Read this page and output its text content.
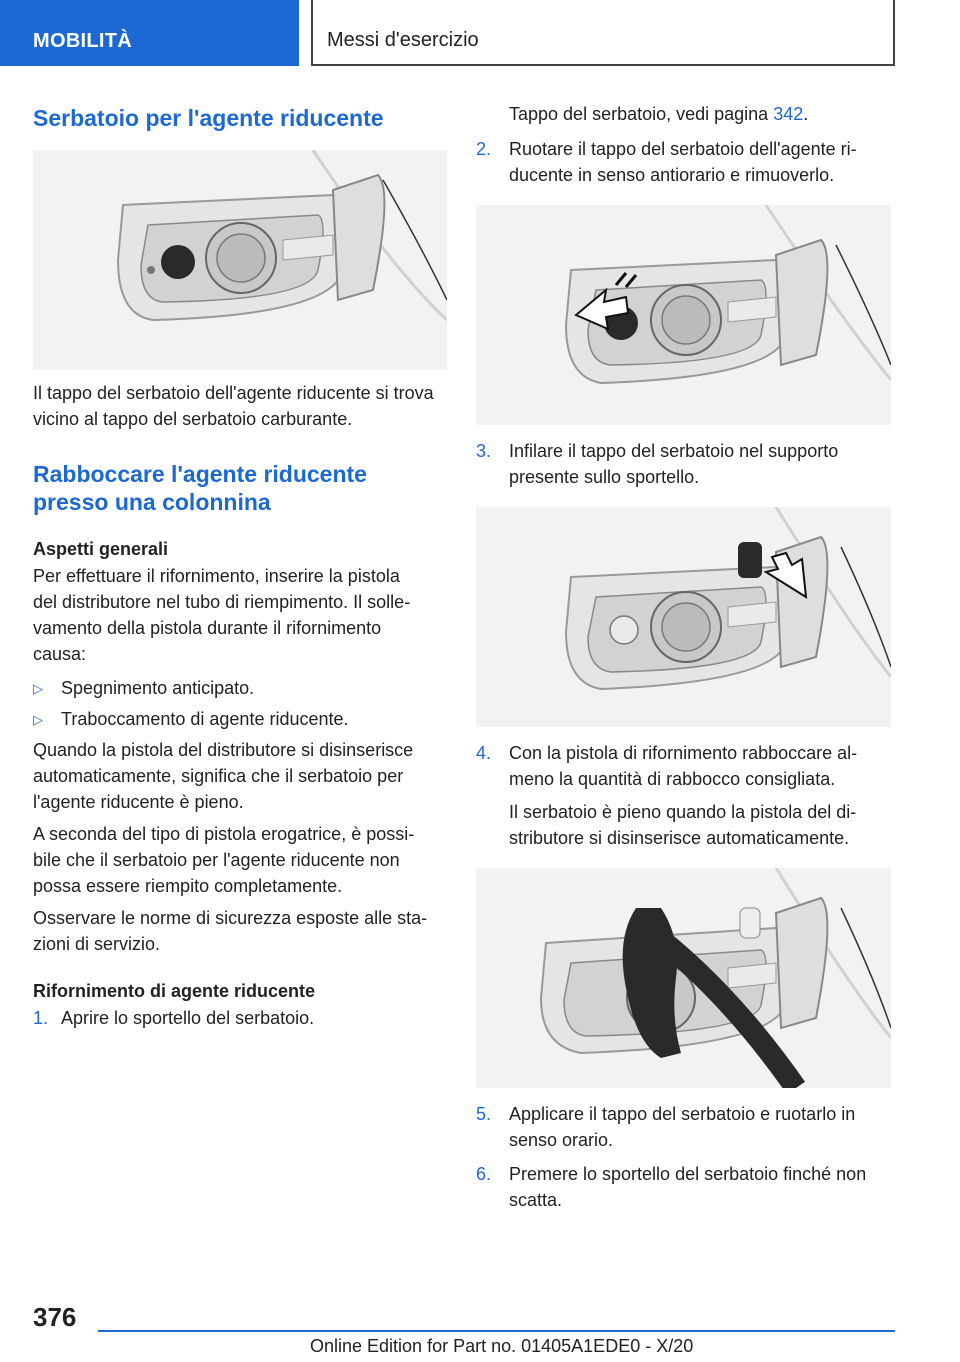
MOBILITÀ	Messi d'esercizio
Serbatoio per l'agente riducente

Il tappo del serbatoio dell'agente riducente si trova vicino al tappo del serbatoio carburante.

Rabboccare l'agente riducente
presso una colonnina
Aspetti generali

Per effettuare il rifornimento, inserire la pistola
del distributore nel tubo di riempimento. Il solle-
vamento della pistola durante il rifornimento
causa:

▷	Spegnimento anticipato.
▷	Traboccamento di agente riducente.

Quando la pistola del distributore si disinserisce
automaticamente, significa che il serbatoio per
l'agente riducente è pieno.

A seconda del tipo di pistola erogatrice, è possi-
bile che il serbatoio per l'agente riducente non
possa essere riempito completamente.

Osservare le norme di sicurezza esposte alle sta-
zioni di servizio.

Rifornimento di agente riducente
1. Aprire lo sportello del serbatoio.

Tappo del serbatoio, vedi pagina 342.

2. Ruotare il tappo del serbatoio dell'agente ri-
ducente in senso antiorario e rimuoverlo.
3. Infilare il tappo del serbatoio nel supporto
presente sullo sportello.
4. Con la pistola di rifornimento rabboccare al-
meno la quantità di rabbocco consigliata.

Il serbatoio è pieno quando la pistola del di-
stributore si disinserisce automaticamente.

5. Applicare il tappo del serbatoio e ruotarlo in
senso orario.
6. Premere lo sportello del serbatoio finché non
scatta.
376
Online Edition for Part no. 01405A1EDE0 - X/20
